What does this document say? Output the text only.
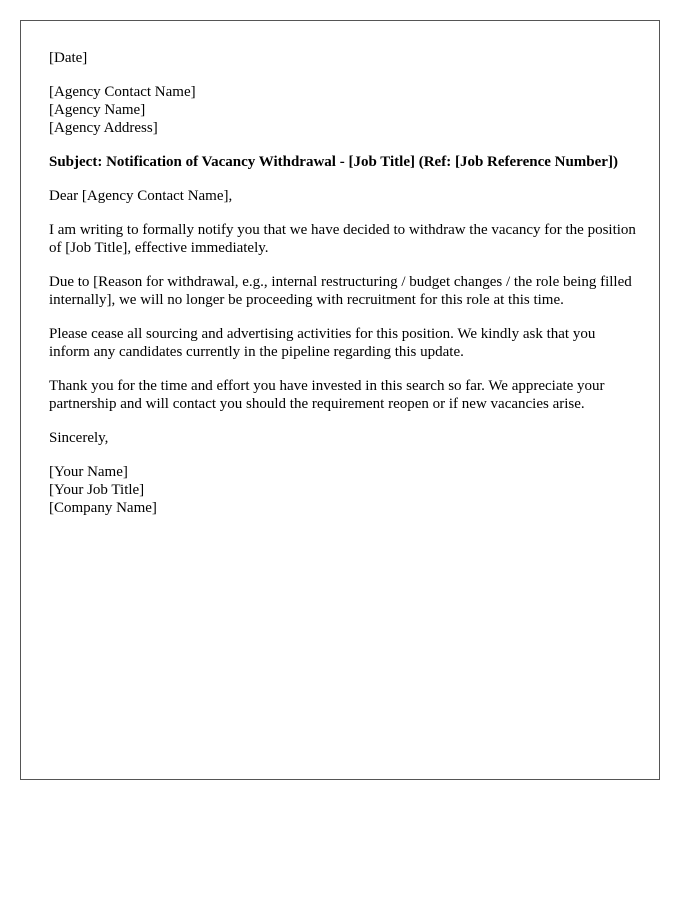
[Date]
[Agency Contact Name]
[Agency Name]
[Agency Address]
Subject: Notification of Vacancy Withdrawal - [Job Title] (Ref: [Job Reference Number])
Dear [Agency Contact Name],
I am writing to formally notify you that we have decided to withdraw the vacancy for the position of [Job Title], effective immediately.
Due to [Reason for withdrawal, e.g., internal restructuring / budget changes / the role being filled internally], we will no longer be proceeding with recruitment for this role at this time.
Please cease all sourcing and advertising activities for this position. We kindly ask that you inform any candidates currently in the pipeline regarding this update.
Thank you for the time and effort you have invested in this search so far. We appreciate your partnership and will contact you should the requirement reopen or if new vacancies arise.
Sincerely,
[Your Name]
[Your Job Title]
[Company Name]
